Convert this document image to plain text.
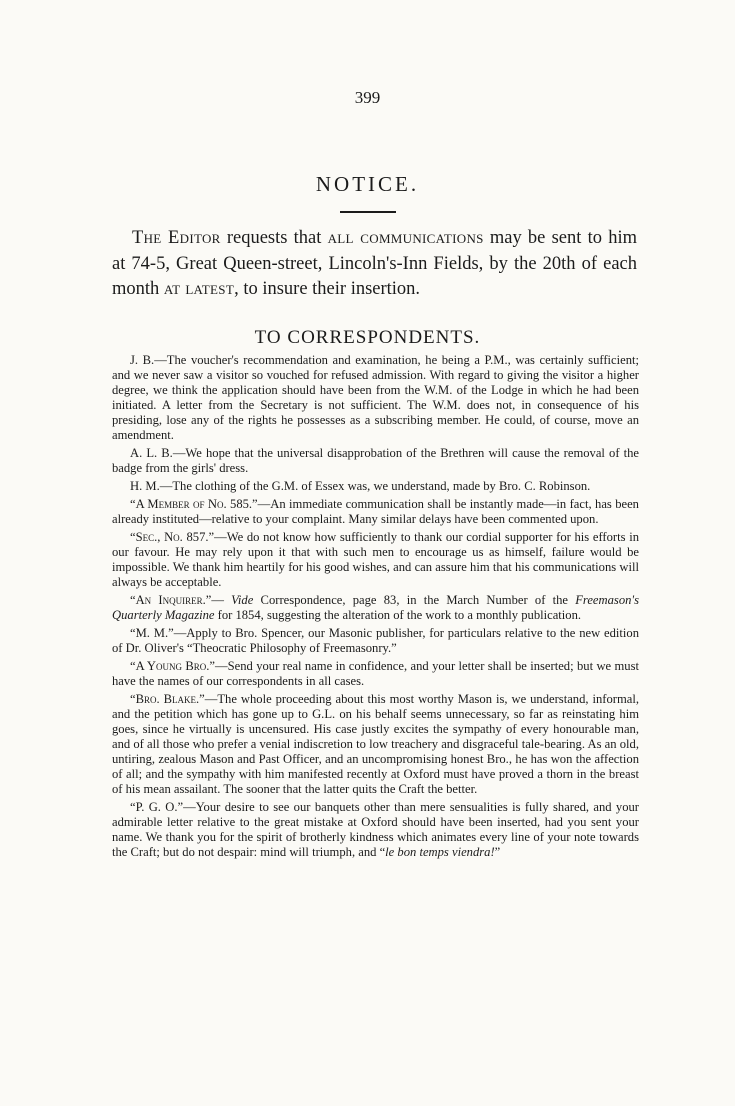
399
NOTICE.

The Editor requests that all communications may be sent to him at 74-5, Great Queen-street, Lincoln's-Inn Fields, by the 20th of each month at latest, to insure their insertion.

TO CORRESPONDENTS.

J. B.—The voucher's recommendation and examination, he being a P.M., was certainly sufficient; and we never saw a visitor so vouched for refused admission. With regard to giving the visitor a higher degree, we think the application should have been from the W.M. of the Lodge in which he had been initiated. A letter from the Secretary is not sufficient. The W.M. does not, in consequence of his presiding, lose any of the rights he possesses as a subscribing member. He could, of course, move an amendment.

A. L. B.—We hope that the universal disapprobation of the Brethren will cause the removal of the badge from the girls' dress.

H. M.—The clothing of the G.M. of Essex was, we understand, made by Bro. C. Robinson.

“A Member of No. 585.”—An immediate communication shall be instantly made—in fact, has been already instituted—relative to your complaint. Many similar delays have been commented upon.

“Sec., No. 857.”—We do not know how sufficiently to thank our cordial supporter for his efforts in our favour. He may rely upon it that with such men to encourage us as himself, failure would be impossible. We thank him heartily for his good wishes, and can assure him that his communications will always be acceptable.

“An Inquirer.”— Vide Correspondence, page 83, in the March Number of the Freemason's Quarterly Magazine for 1854, suggesting the alteration of the work to a monthly publication.

“M. M.”—Apply to Bro. Spencer, our Masonic publisher, for particulars relative to the new edition of Dr. Oliver's “Theocratic Philosophy of Freemasonry.”

“A Young Bro.”—Send your real name in confidence, and your letter shall be inserted; but we must have the names of our correspondents in all cases.

“Bro. Blake.”—The whole proceeding about this most worthy Mason is, we understand, informal, and the petition which has gone up to G.L. on his behalf seems unnecessary, so far as reinstating him goes, since he virtually is uncensured. His case justly excites the sympathy of every honourable man, and of all those who prefer a venial indiscretion to low treachery and disgraceful tale-bearing. As an old, untiring, zealous Mason and Past Officer, and an uncompromising honest Bro., he has won the affection of all; and the sympathy with him manifested recently at Oxford must have proved a thorn in the breast of his mean assailant. The sooner that the latter quits the Craft the better.

“P. G. O.”—Your desire to see our banquets other than mere sensualities is fully shared, and your admirable letter relative to the great mistake at Oxford should have been inserted, had you sent your name. We thank you for the spirit of brotherly kindness which animates every line of your note towards the Craft; but do not despair: mind will triumph, and “le bon temps viendra!”
